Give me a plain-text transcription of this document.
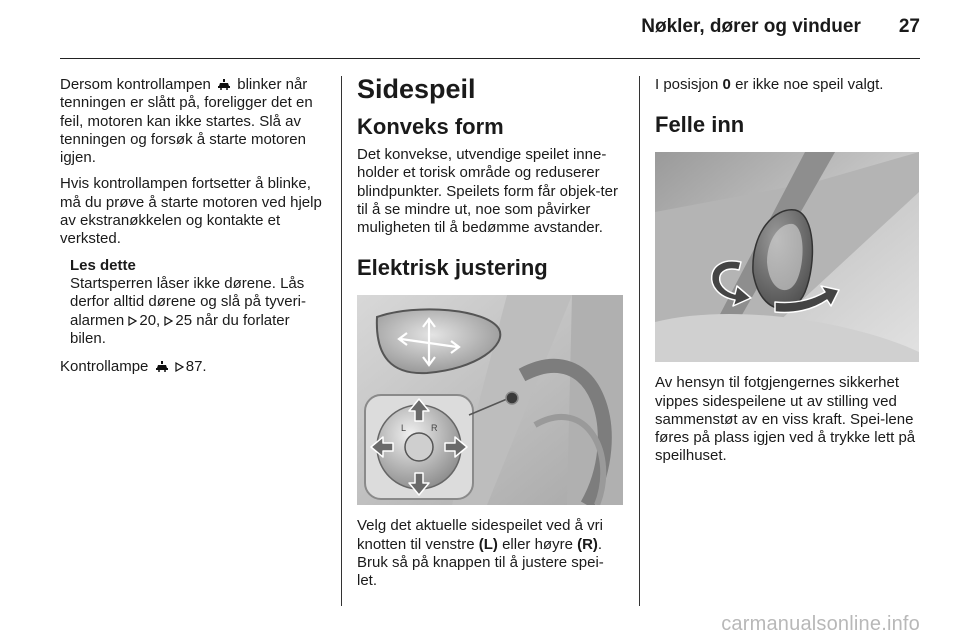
Nøkler, dører og vinduer 27

Dersom kontrollampen blinker når tenningen er slått på, foreligger det en feil, motoren kan ikke startes. Slå av tenningen og forsøk å starte motoren igjen.

Hvis kontrollampen fortsetter å blinke, må du prøve å starte motoren ved hjelp av ekstranøkkelen og kontakte et verksted.

Les dette
Startsperren låser ikke dørene. Lås derfor alltid dørene og slå på tyveri-alarmen 20, 25 når du forlater bilen.

Kontrollampe 87.

Sidespeil
Konveks form

Det konvekse, utvendige speilet inne-holder et torisk område og reduserer blindpunkter. Speilets form får objek-ter til å se mindre ut, noe som påvirker muligheten til å bedømme avstander.

Elektrisk justering
L	R

Velg det aktuelle sidespeilet ved å vri knotten til venstre (L) eller høyre (R). Bruk så på knappen til å justere spei-let.

I posisjon 0 er ikke noe speil valgt.

Felle inn

Av hensyn til fotgjengernes sikkerhet vippes sidespeilene ut av stilling ved sammenstøt av en viss kraft. Spei-lene føres på plass igjen ved å trykke lett på speilhuset.

carmanualsonline.info
